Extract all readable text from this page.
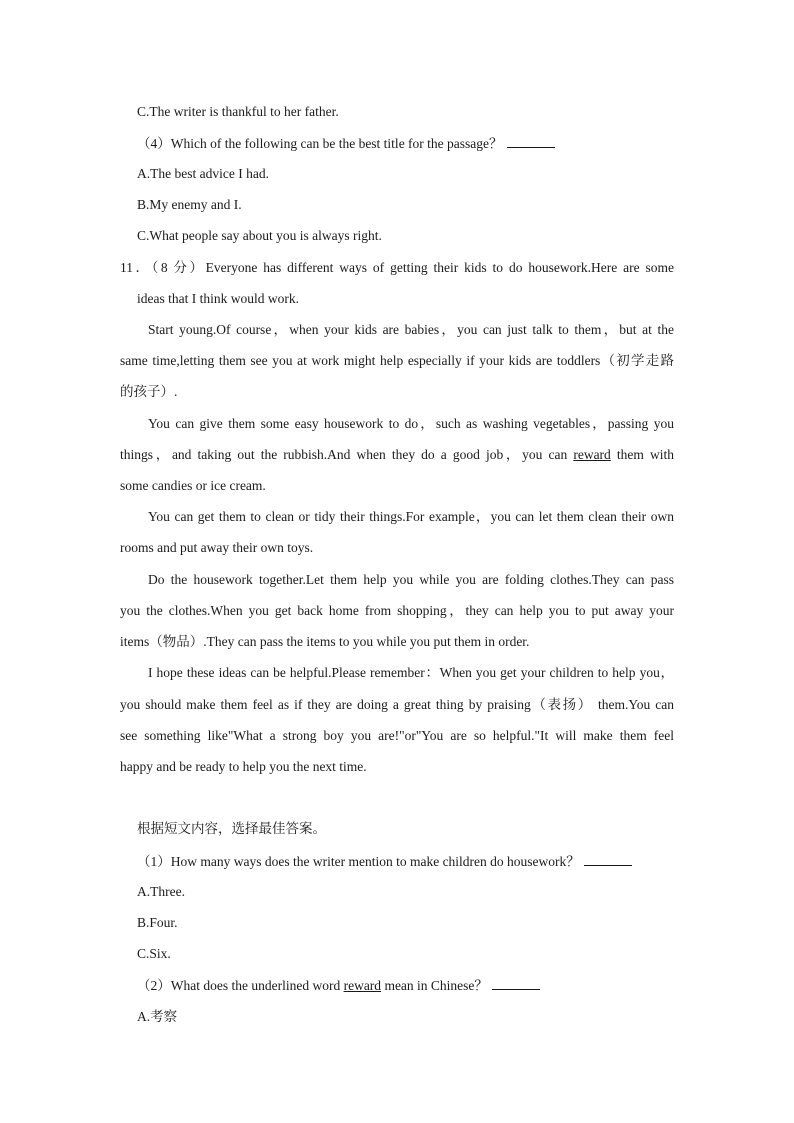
C.The writer is thankful to her father.
（4）Which of the following can be the best title for the passage？
A.The best advice I had.
B.My enemy and I.
C.What people say about you is always right.
11．（8 分）Everyone has different ways of getting their kids to do housework.Here are some
ideas that I think would work.
Start young.Of course，when your kids are babies，you can just talk to them，but at the
same time,letting them see you at work might help especially if your kids are toddlers（初学走路
的孩子）.
You can give them some easy housework to do，such as washing vegetables，passing you
things，and taking out the rubbish.And when they do a good job，you can reward them with
some candies or ice cream.
You can get them to clean or tidy their things.For example，you can let them clean their own
rooms and put away their own toys.
Do the housework together.Let them help you while you are folding clothes.They can pass
you the clothes.When you get back home from shopping，they can help you to put away your
items（物品）.They can pass the items to you while you put them in order.
I hope these ideas can be helpful.Please remember：When you get your children to help you，
you should make them feel as if they are doing a great thing by praising（表扬） them.You can
see something like"What a strong boy you are!"or"You are so helpful."It will make them feel
happy and be ready to help you the next time.
根据短文内容，选择最佳答案。
（1）How many ways does the writer mention to make children do housework？
A.Three.
B.Four.
C.Six.
（2）What does the underlined word reward mean in Chinese？
A.考察
